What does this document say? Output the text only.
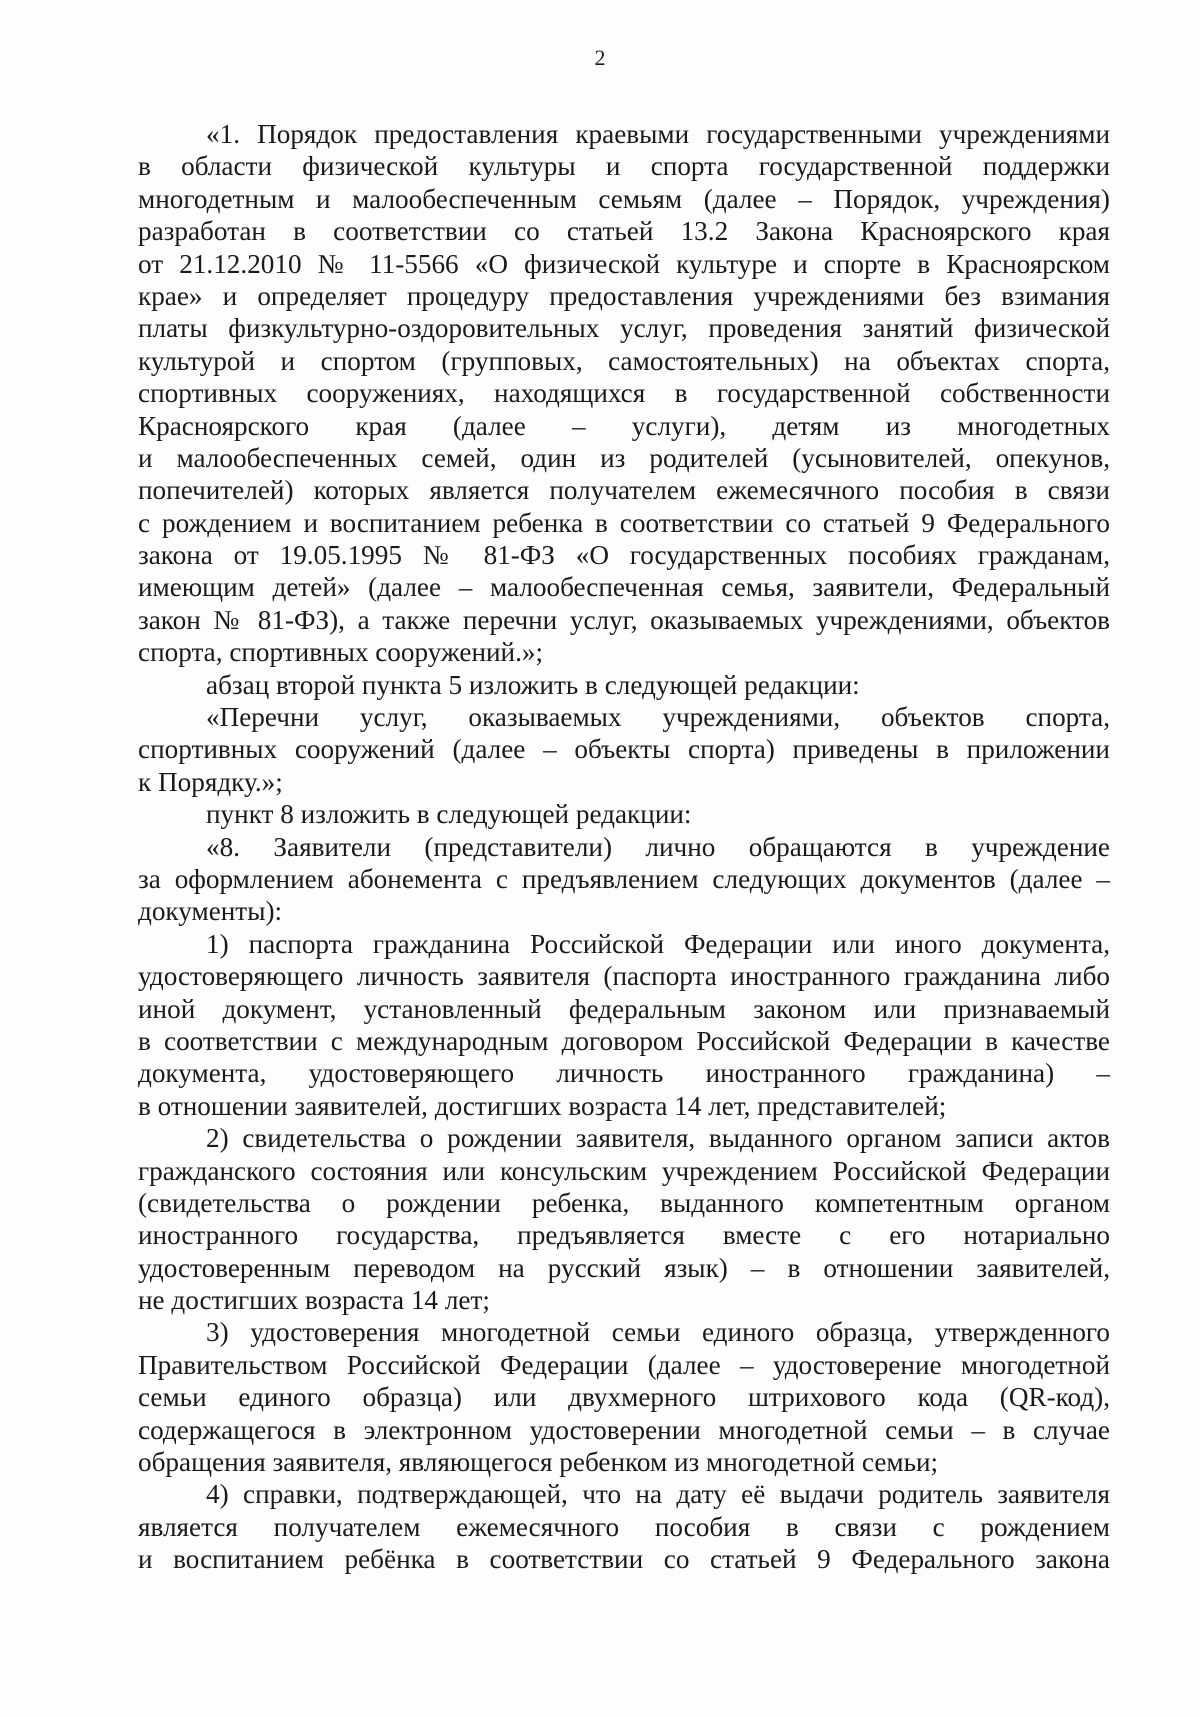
2
«1. Порядок предоставления краевыми государственными учреждениями
в области физической культуры и спорта государственной поддержки
многодетным и малообеспеченным семьям (далее – Порядок, учреждения)
разработан в соответствии со статьей 13.2 Закона Красноярского края
от 21.12.2010 № 11-5566 «О физической культуре и спорте в Красноярском
крае» и определяет процедуру предоставления учреждениями без взимания
платы физкультурно-оздоровительных услуг, проведения занятий физической
культурой и спортом (групповых, самостоятельных) на объектах спорта,
спортивных сооружениях, находящихся в государственной собственности
Красноярского края (далее – услуги), детям из многодетных
и малообеспеченных семей, один из родителей (усыновителей, опекунов,
попечителей) которых является получателем ежемесячного пособия в связи
с рождением и воспитанием ребенка в соответствии со статьей 9 Федерального
закона от 19.05.1995 № 81-ФЗ «О государственных пособиях гражданам,
имеющим детей» (далее – малообеспеченная семья, заявители, Федеральный
закон № 81-ФЗ), а также перечни услуг, оказываемых учреждениями, объектов
спорта, спортивных сооружений.»;
абзац второй пункта 5 изложить в следующей редакции:
«Перечни услуг, оказываемых учреждениями, объектов спорта,
спортивных сооружений (далее – объекты спорта) приведены в приложении
к Порядку.»;
пункт 8 изложить в следующей редакции:
«8. Заявители (представители) лично обращаются в учреждение
за оформлением абонемента с предъявлением следующих документов (далее –
документы):
1) паспорта гражданина Российской Федерации или иного документа,
удостоверяющего личность заявителя (паспорта иностранного гражданина либо
иной документ, установленный федеральным законом или признаваемый
в соответствии с международным договором Российской Федерации в качестве
документа, удостоверяющего личность иностранного гражданина) –
в отношении заявителей, достигших возраста 14 лет, представителей;
2) свидетельства о рождении заявителя, выданного органом записи актов
гражданского состояния или консульским учреждением Российской Федерации
(свидетельства о рождении ребенка, выданного компетентным органом
иностранного государства, предъявляется вместе с его нотариально
удостоверенным переводом на русский язык) – в отношении заявителей,
не достигших возраста 14 лет;
3) удостоверения многодетной семьи единого образца, утвержденного
Правительством Российской Федерации (далее – удостоверение многодетной
семьи единого образца) или двухмерного штрихового кода (QR-код),
содержащегося в электронном удостоверении многодетной семьи – в случае
обращения заявителя, являющегося ребенком из многодетной семьи;
4) справки, подтверждающей, что на дату её выдачи родитель заявителя
является получателем ежемесячного пособия в связи с рождением
и воспитанием ребёнка в соответствии со статьей 9 Федерального закона
